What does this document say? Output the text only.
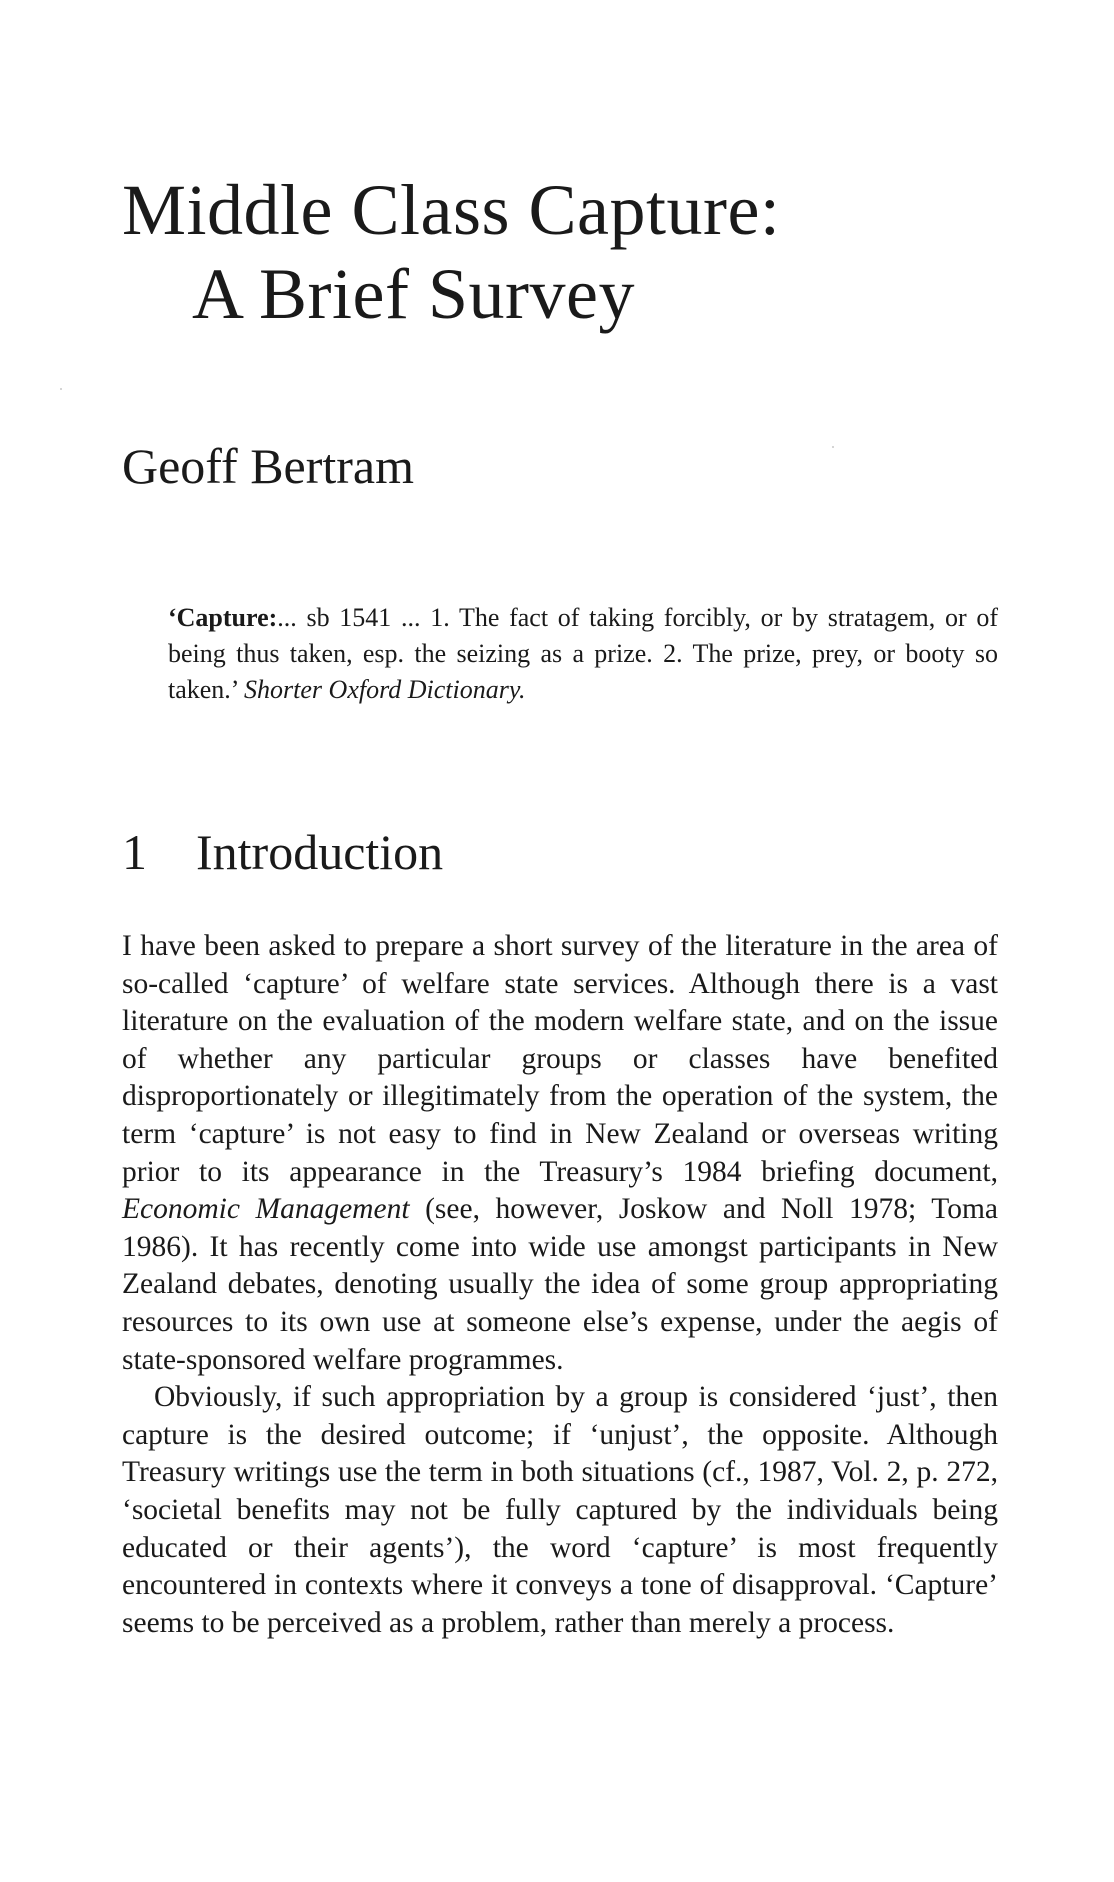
Middle Class Capture:
A Brief Survey
Geoff Bertram

‘Capture:... sb 1541 ... 1. The fact of taking forcibly, or by stratagem, or of being thus taken, esp. the seizing as a prize. 2. The prize, prey, or booty so taken.’ Shorter Oxford Dictionary.

1 Introduction

I have been asked to prepare a short survey of the literature in the area of so-called ‘capture’ of welfare state services. Although there is a vast literature on the evaluation of the modern welfare state, and on the issue of whether any particular groups or classes have benefited disproportionately or illegitimately from the operation of the system, the term ‘capture’ is not easy to find in New Zealand or overseas writing prior to its appearance in the Treasury’s 1984 briefing document, Economic Management (see, however, Joskow and Noll 1978; Toma 1986). It has recently come into wide use amongst participants in New Zealand debates, denoting usually the idea of some group appropriating resources to its own use at someone else’s expense, under the aegis of state-sponsored welfare programmes.

Obviously, if such appropriation by a group is considered ‘just’, then capture is the desired outcome; if ‘unjust’, the opposite. Although Treasury writings use the term in both situations (cf., 1987, Vol. 2, p. 272, ‘societal benefits may not be fully captured by the individuals being educated or their agents’), the word ‘capture’ is most frequently encountered in contexts where it conveys a tone of disapproval. ‘Capture’ seems to be perceived as a problem, rather than merely a process.
